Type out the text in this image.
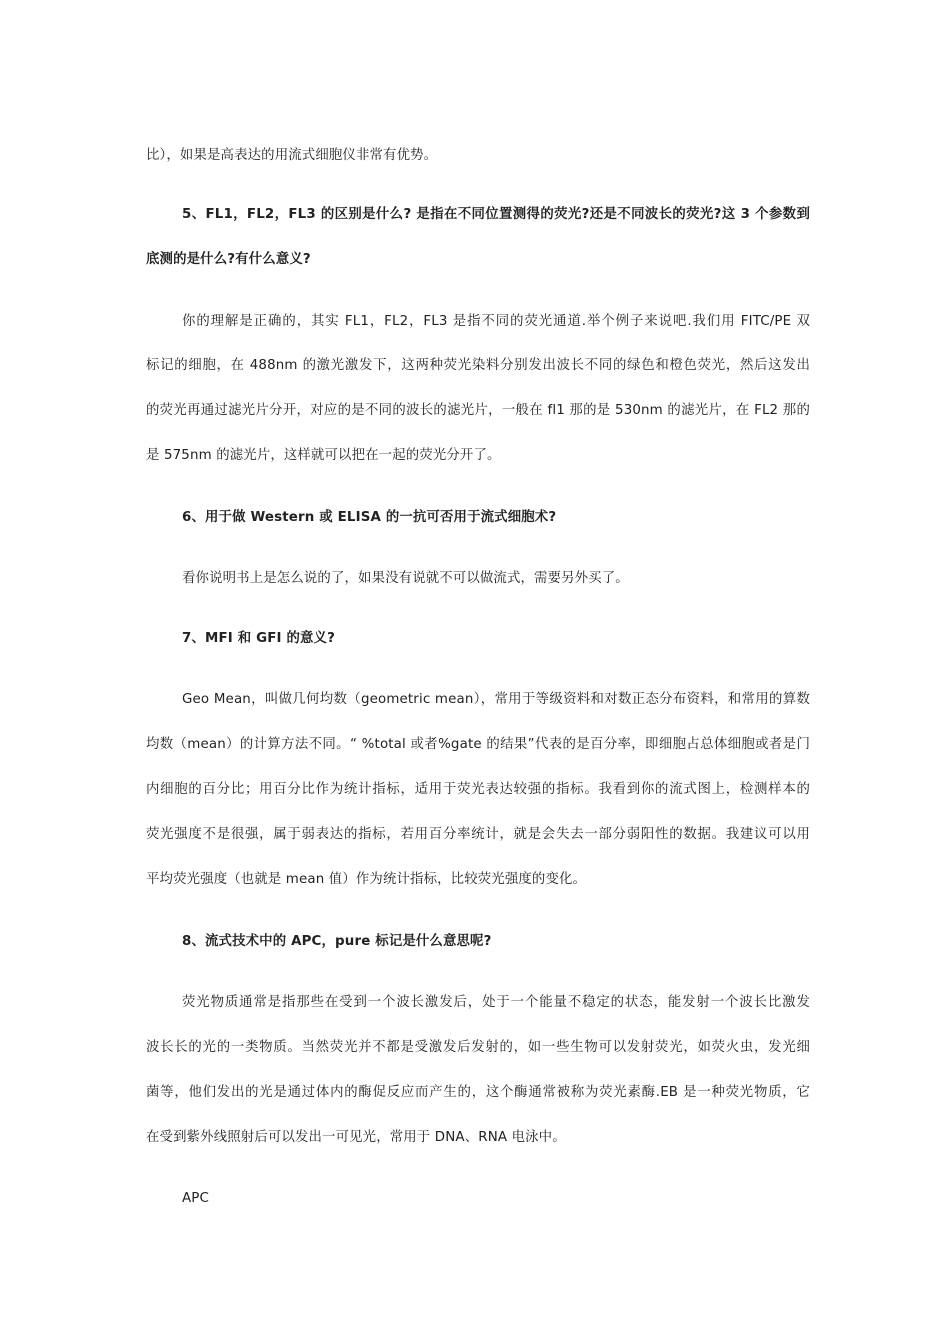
比），如果是高表达的用流式细胞仪非常有优势。
5、FL1，FL2，FL3 的区别是什么? 是指在不同位置测得的荧光?还是不同波长的荧光?这 3 个参数到
底测的是什么?有什么意义?
你的理解是正确的，其实 FL1，FL2，FL3 是指不同的荧光通道.举个例子来说吧.我们用 FITC/PE 双
标记的细胞，在 488nm 的激光激发下，这两种荧光染料分别发出波长不同的绿色和橙色荧光，然后这发出
的荧光再通过滤光片分开，对应的是不同的波长的滤光片，一般在 fl1 那的是 530nm 的滤光片，在 FL2 那的
是 575nm 的滤光片，这样就可以把在一起的荧光分开了。
6、用于做 Western 或 ELISA 的一抗可否用于流式细胞术?
看你说明书上是怎么说的了，如果没有说就不可以做流式，需要另外买了。
7、MFI 和 GFI 的意义?
Geo Mean，叫做几何均数（geometric mean），常用于等级资料和对数正态分布资料，和常用的算数
均数（mean）的计算方法不同。“ %total 或者%gate 的结果”代表的是百分率，即细胞占总体细胞或者是门
内细胞的百分比；用百分比作为统计指标，适用于荧光表达较强的指标。我看到你的流式图上，检测样本的
荧光强度不是很强，属于弱表达的指标，若用百分率统计，就是会失去一部分弱阳性的数据。我建议可以用
平均荧光强度（也就是 mean 值）作为统计指标，比较荧光强度的变化。
8、流式技术中的 APC，pure 标记是什么意思呢?
荧光物质通常是指那些在受到一个波长激发后，处于一个能量不稳定的状态，能发射一个波长比激发
波长长的光的一类物质。当然荧光并不都是受激发后发射的，如一些生物可以发射荧光，如荧火虫，发光细
菌等，他们发出的光是通过体内的酶促反应而产生的，这个酶通常被称为荧光素酶.EB 是一种荧光物质，它
在受到紫外线照射后可以发出一可见光，常用于 DNA、RNA 电泳中。
APC
